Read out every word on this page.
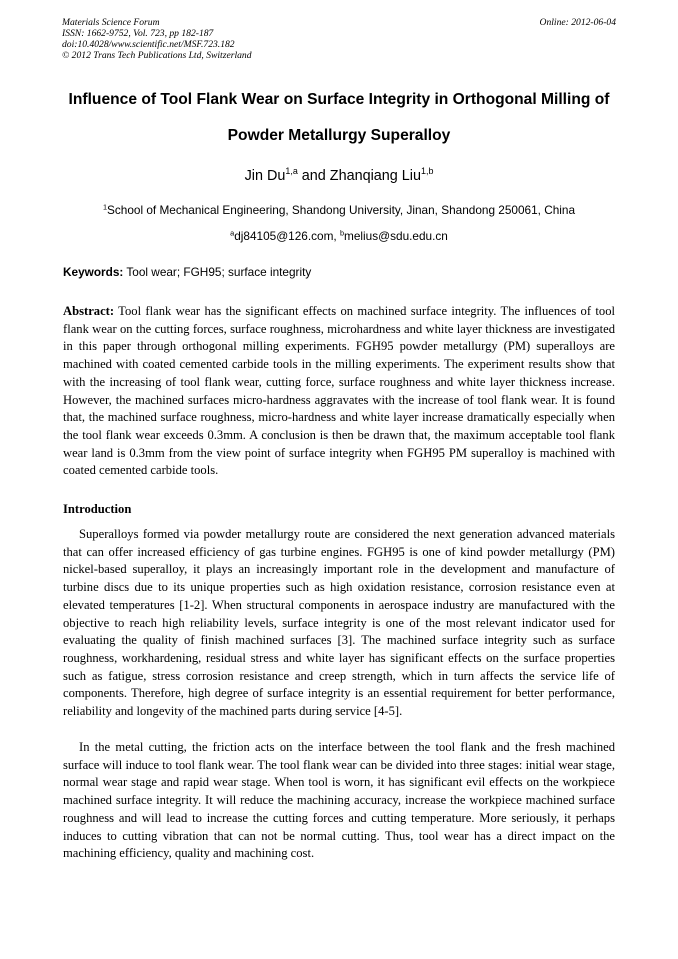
Materials Science Forum
ISSN: 1662-9752, Vol. 723, pp 182-187
doi:10.4028/www.scientific.net/MSF.723.182
© 2012 Trans Tech Publications Ltd, Switzerland
Online: 2012-06-04
Influence of Tool Flank Wear on Surface Integrity in Orthogonal Milling of
Powder Metallurgy Superalloy
Jin Du$^{1,a}$ and Zhanqiang Liu$^{1,b}$
$^1$School of Mechanical Engineering, Shandong University, Jinan, Shandong 250061, China
$^a$dj84105@126.com, $^b$melius@sdu.edu.cn
Keywords: Tool wear; FGH95; surface integrity

Abstract: Tool flank wear has the significant effects on machined surface integrity. The influences of tool flank wear on the cutting forces, surface roughness, microhardness and white layer thickness are investigated in this paper through orthogonal milling experiments. FGH95 powder metallurgy (PM) superalloys are machined with coated cemented carbide tools in the milling experiments. The experiment results show that with the increasing of tool flank wear, cutting force, surface roughness and white layer thickness increase. However, the machined surfaces micro-hardness aggravates with the increase of tool flank wear. It is found that, the machined surface roughness, micro-hardness and white layer increase dramatically especially when the tool flank wear exceeds 0.3mm. A conclusion is then be drawn that, the maximum acceptable tool flank wear land is 0.3mm from the view point of surface integrity when FGH95 PM superalloy is machined with coated cemented carbide tools.

Introduction

Superalloys formed via powder metallurgy route are considered the next generation advanced materials that can offer increased efficiency of gas turbine engines. FGH95 is one of kind powder metallurgy (PM) nickel-based superalloy, it plays an increasingly important role in the development and manufacture of turbine discs due to its unique properties such as high oxidation resistance, corrosion resistance even at elevated temperatures [1-2]. When structural components in aerospace industry are manufactured with the objective to reach high reliability levels, surface integrity is one of the most relevant indicator used for evaluating the quality of finish machined surfaces [3]. The machined surface integrity such as surface roughness, workhardening, residual stress and white layer has significant effects on the surface properties such as fatigue, stress corrosion resistance and creep strength, which in turn affects the service life of components. Therefore, high degree of surface integrity is an essential requirement for better performance, reliability and longevity of the machined parts during service [4-5].

In the metal cutting, the friction acts on the interface between the tool flank and the fresh machined surface will induce to tool flank wear. The tool flank wear can be divided into three stages: initial wear stage, normal wear stage and rapid wear stage. When tool is worn, it has significant evil effects on the workpiece machined surface integrity. It will reduce the machining accuracy, increase the workpiece machined surface roughness and will lead to increase the cutting forces and cutting temperature. More seriously, it perhaps induces to cutting vibration that can not be normal cutting. Thus, tool wear has a direct impact on the machining efficiency, quality and machining cost.
